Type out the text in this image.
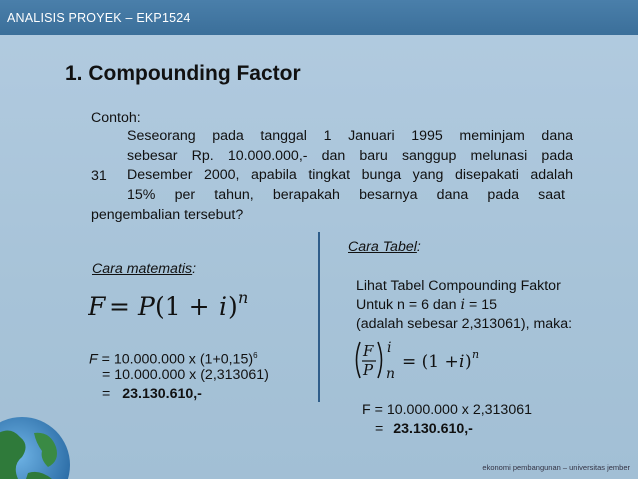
ANALISIS PROYEK – EKP1524
1. Compounding Factor
Contoh:
Seseorang pada tanggal 1 Januari 1995 meminjam dana
sebesar Rp. 10.000.000,- dan baru sanggup melunasi pada
Desember 2000, apabila tingkat bunga yang disepakati adalah
15% per tahun, berapakah besarnya dana pada saat
31
pengembalian tersebut?
Cara matematis:
F = P (1 + i ) n
F = 10.000.000 x $(1+0,15)^6$
= 10.000.000 x (2,313061)
= 23.130.610,-
Cara Tabel:
Lihat Tabel Compounding Faktor
Untuk n = 6 dan i = 15
(adalah sebesar 2,313061), maka:
F
P
i
n
= (1 + i ) n
F = 10.000.000 x 2,313061
= 23.130.610,-
ekonomi pembangunan – universitas jember
